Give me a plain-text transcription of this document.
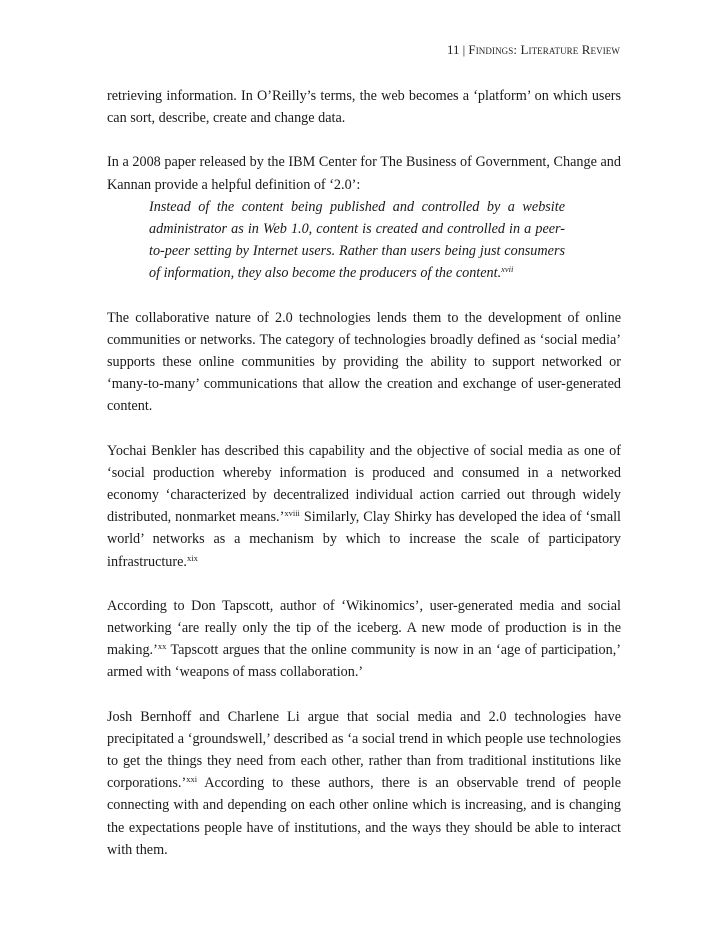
11 | Findings: Literature Review

retrieving information. In O’Reilly’s terms, the web becomes a ‘platform’ on which users can sort, describe, create and change data.

In a 2008 paper released by the IBM Center for The Business of Government, Change and Kannan provide a helpful definition of ‘2.0’:

Instead of the content being published and controlled by a website administrator as in Web 1.0, content is created and controlled in a peer-to-peer setting by Internet users. Rather than users being just consumers of information, they also become the producers of the content.$^{xvii}$

The collaborative nature of 2.0 technologies lends them to the development of online communities or networks. The category of technologies broadly defined as ‘social media’ supports these online communities by providing the ability to support networked or ‘many-to-many’ communications that allow the creation and exchange of user-generated content.

Yochai Benkler has described this capability and the objective of social media as one of ‘social production whereby information is produced and consumed in a networked economy ‘characterized by decentralized individual action carried out through widely distributed, nonmarket means.’$^{xviii}$ Similarly, Clay Shirky has developed the idea of ‘small world’ networks as a mechanism by which to increase the scale of participatory infrastructure.$^{xix}$

According to Don Tapscott, author of ‘Wikinomics’, user-generated media and social networking ‘are really only the tip of the iceberg. A new mode of production is in the making.’$^{xx}$ Tapscott argues that the online community is now in an ‘age of participation,’ armed with ‘weapons of mass collaboration.’

Josh Bernhoff and Charlene Li argue that social media and 2.0 technologies have precipitated a ‘groundswell,’ described as ‘a social trend in which people use technologies to get the things they need from each other, rather than from traditional institutions like corporations.’$^{xxi}$ According to these authors, there is an observable trend of people connecting with and depending on each other online which is increasing, and is changing the expectations people have of institutions, and the ways they should be able to interact with them.
